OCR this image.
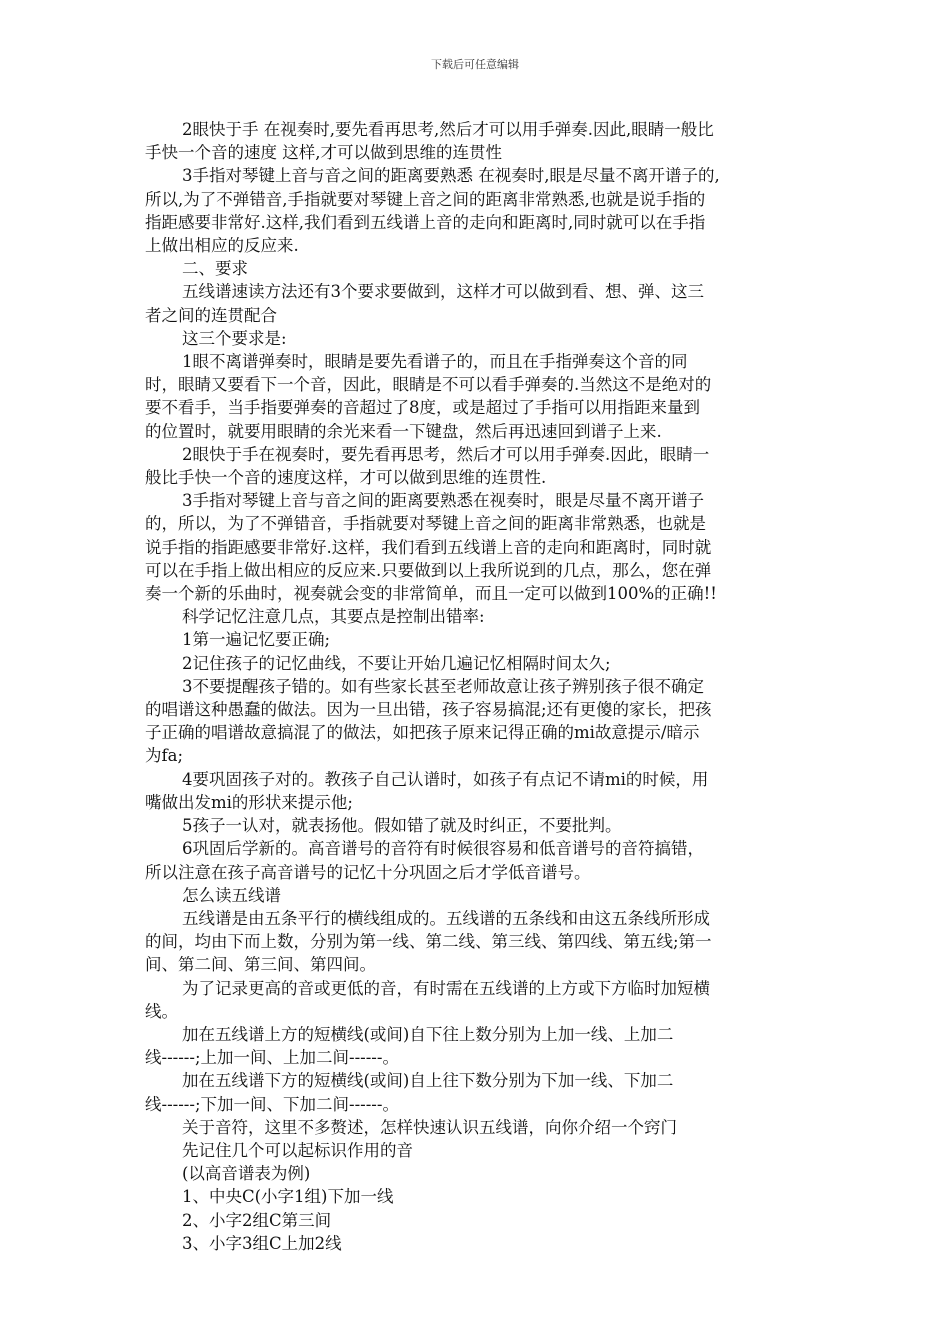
下载后可任意编辑
2眼快于手 在视奏时,要先看再思考,然后才可以用手弹奏.因此,眼睛一般比
手快一个音的速度 这样,才可以做到思维的连贯性
3手指对琴键上音与音之间的距离要熟悉 在视奏时,眼是尽量不离开谱子的,
所以,为了不弹错音,手指就要对琴键上音之间的距离非常熟悉,也就是说手指的
指距感要非常好.这样,我们看到五线谱上音的走向和距离时,同时就可以在手指
上做出相应的反应来.
二、要求
五线谱速读方法还有3个要求要做到，这样才可以做到看、想、弹、这三
者之间的连贯配合
这三个要求是:
1眼不离谱弹奏时，眼睛是要先看谱子的，而且在手指弹奏这个音的同
时，眼睛又要看下一个音，因此，眼睛是不可以看手弹奏的.当然这不是绝对的
要不看手，当手指要弹奏的音超过了8度，或是超过了手指可以用指距来量到
的位置时，就要用眼睛的余光来看一下键盘，然后再迅速回到谱子上来.
2眼快于手在视奏时，要先看再思考，然后才可以用手弹奏.因此，眼睛一
般比手快一个音的速度这样，才可以做到思维的连贯性.
3手指对琴键上音与音之间的距离要熟悉在视奏时，眼是尽量不离开谱子
的，所以，为了不弹错音，手指就要对琴键上音之间的距离非常熟悉，也就是
说手指的指距感要非常好.这样，我们看到五线谱上音的走向和距离时，同时就
可以在手指上做出相应的反应来.只要做到以上我所说到的几点，那么，您在弹
奏一个新的乐曲时，视奏就会变的非常简单，而且一定可以做到100%的正确!!
科学记忆注意几点，其要点是控制出错率:
1第一遍记忆要正确;
2记住孩子的记忆曲线，不要让开始几遍记忆相隔时间太久;
3不要提醒孩子错的。如有些家长甚至老师故意让孩子辨别孩子很不确定
的唱谱这种愚蠢的做法。因为一旦出错，孩子容易搞混;还有更傻的家长，把孩
子正确的唱谱故意搞混了的做法，如把孩子原来记得正确的mi故意提示/暗示
为fa;
4要巩固孩子对的。教孩子自己认谱时，如孩子有点记不请mi的时候，用
嘴做出发mi的形状来提示他;
5孩子一认对，就表扬他。假如错了就及时纠正，不要批判。
6巩固后学新的。高音谱号的音符有时候很容易和低音谱号的音符搞错，
所以注意在孩子高音谱号的记忆十分巩固之后才学低音谱号。
怎么读五线谱
五线谱是由五条平行的横线组成的。五线谱的五条线和由这五条线所形成
的间，均由下而上数，分别为第一线、第二线、第三线、第四线、第五线;第一
间、第二间、第三间、第四间。
为了记录更高的音或更低的音，有时需在五线谱的上方或下方临时加短横
线。
加在五线谱上方的短横线(或间)自下往上数分别为上加一线、上加二
线------;上加一间、上加二间------。
加在五线谱下方的短横线(或间)自上往下数分别为下加一线、下加二
线------;下加一间、下加二间------。
关于音符，这里不多赘述，怎样快速认识五线谱，向你介绍一个窍门
先记住几个可以起标识作用的音
(以高音谱表为例)
1、中央C(小字1组)下加一线
2、小字2组C第三间
3、小字3组C上加2线
